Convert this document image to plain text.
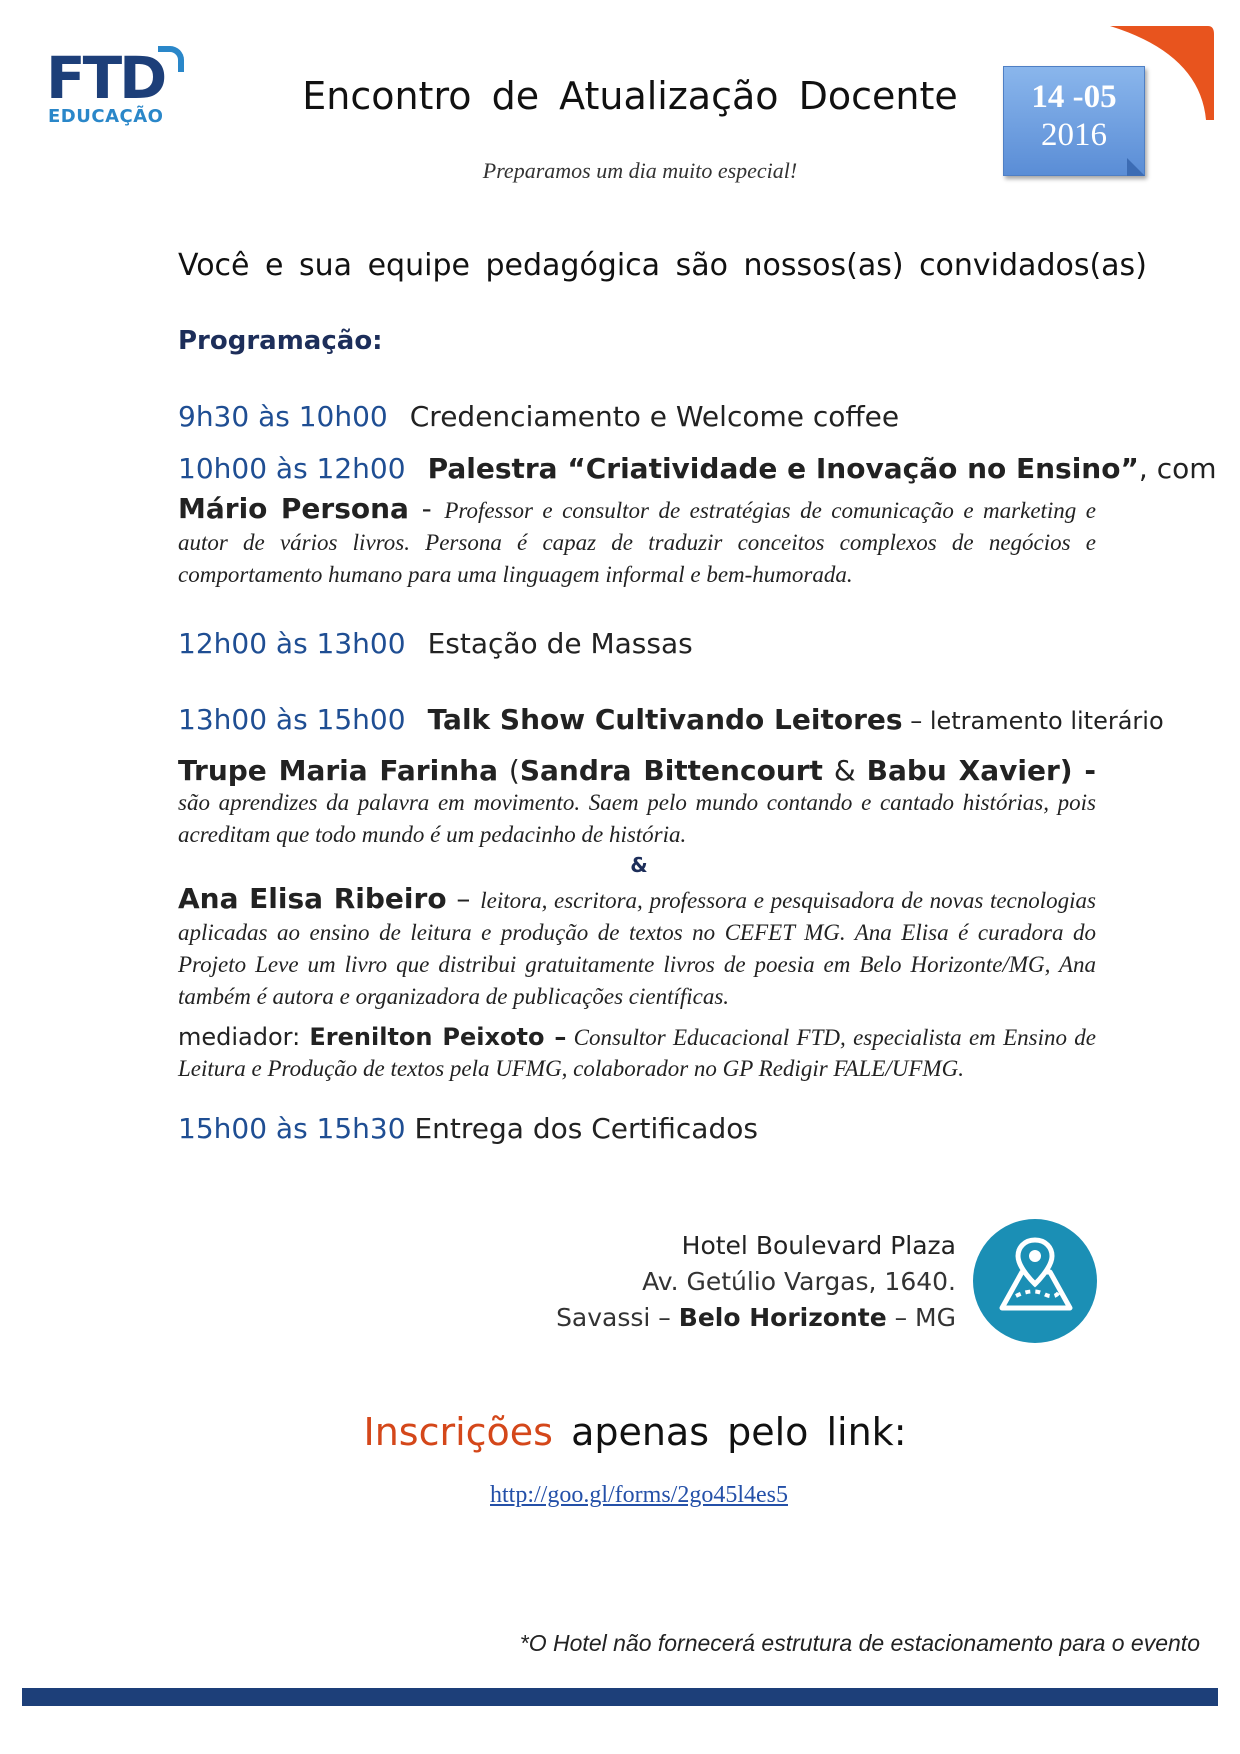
FTD
EDUCAÇÃO	Encontro de Atualização Docente
Preparamos um dia muito especial!
14 -05
2016
Você e sua equipe pedagógica são nossos(as) convidados(as)
Programação:
9h30 às 10h00 Credenciamento e Welcome coffee
10h00 às 12h00 Palestra “Criatividade e Inovação no Ensino”, com
Mário Persona - Professor e consultor de estratégias de comunicação e marketing e autor de vários livros. Persona é capaz de traduzir conceitos complexos de negócios e comportamento humano para uma linguagem informal e bem-humorada.
12h00 às 13h00 Estação de Massas
13h00 às 15h00 Talk Show Cultivando Leitores – letramento literário
Trupe Maria Farinha (Sandra Bittencourt & Babu Xavier) - são aprendizes da palavra em movimento. Saem pelo mundo contando e cantado histórias, pois acreditam que todo mundo é um pedacinho de história.
&
Ana Elisa Ribeiro – leitora, escritora, professora e pesquisadora de novas tecnologias aplicadas ao ensino de leitura e produção de textos no CEFET MG. Ana Elisa é curadora do Projeto Leve um livro que distribui gratuitamente livros de poesia em Belo Horizonte/MG, Ana também é autora e organizadora de publicações científicas.
mediador: Erenilton Peixoto – Consultor Educacional FTD, especialista em Ensino de Leitura e Produção de textos pela UFMG, colaborador no GP Redigir FALE/UFMG.
15h00 às 15h30 Entrega dos Certificados
Hotel Boulevard Plaza
Av. Getúlio Vargas, 1640.
Savassi – Belo Horizonte – MG
Inscrições apenas pelo link:
http://goo.gl/forms/2go45l4es5
*O Hotel não fornecerá estrutura de estacionamento para o evento
